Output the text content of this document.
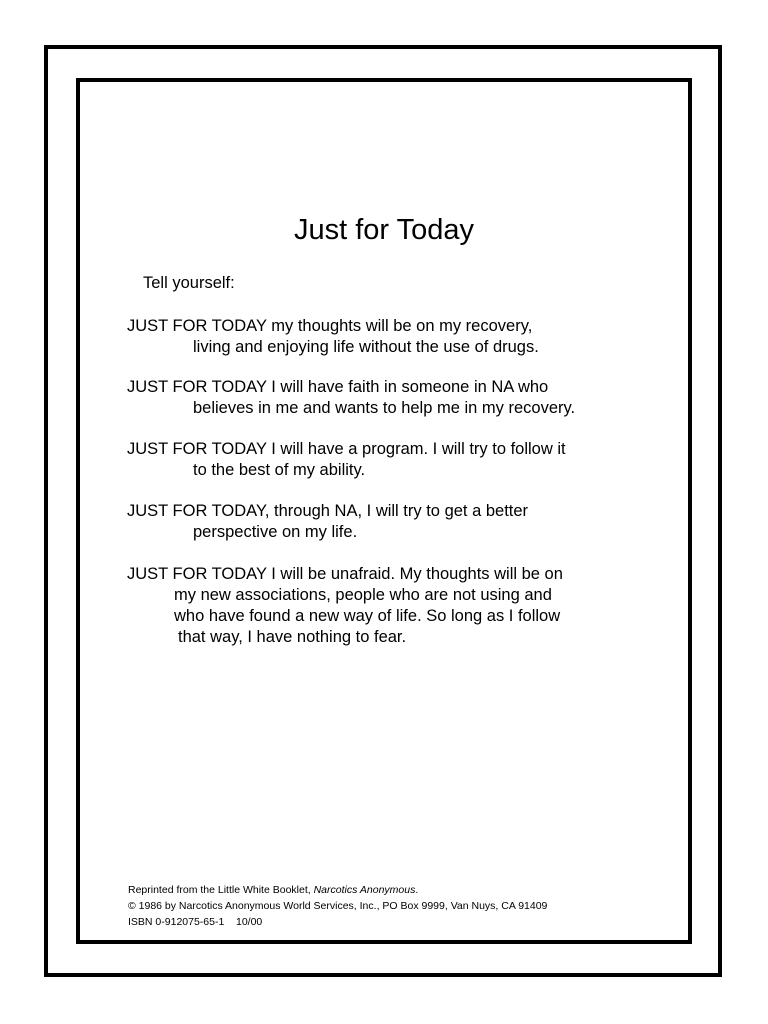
Just for Today

Tell yourself:

JUST FOR TODAY my thoughts will be on my recovery,
living and enjoying life without the use of drugs.

JUST FOR TODAY I will have faith in someone in NA who
believes in me and wants to help me in my recovery.

JUST FOR TODAY I will have a program. I will try to follow it
to the best of my ability.

JUST FOR TODAY, through NA, I will try to get a better
perspective on my life.

JUST FOR TODAY I will be unafraid. My thoughts will be on
my new associations, people who are not using and
who have found a new way of life. So long as I follow
that way, I have nothing to fear.

Reprinted from the Little White Booklet, Narcotics Anonymous.
© 1986 by Narcotics Anonymous World Services, Inc., PO Box 9999, Van Nuys, CA 91409
ISBN 0-912075-65-1    10/00
